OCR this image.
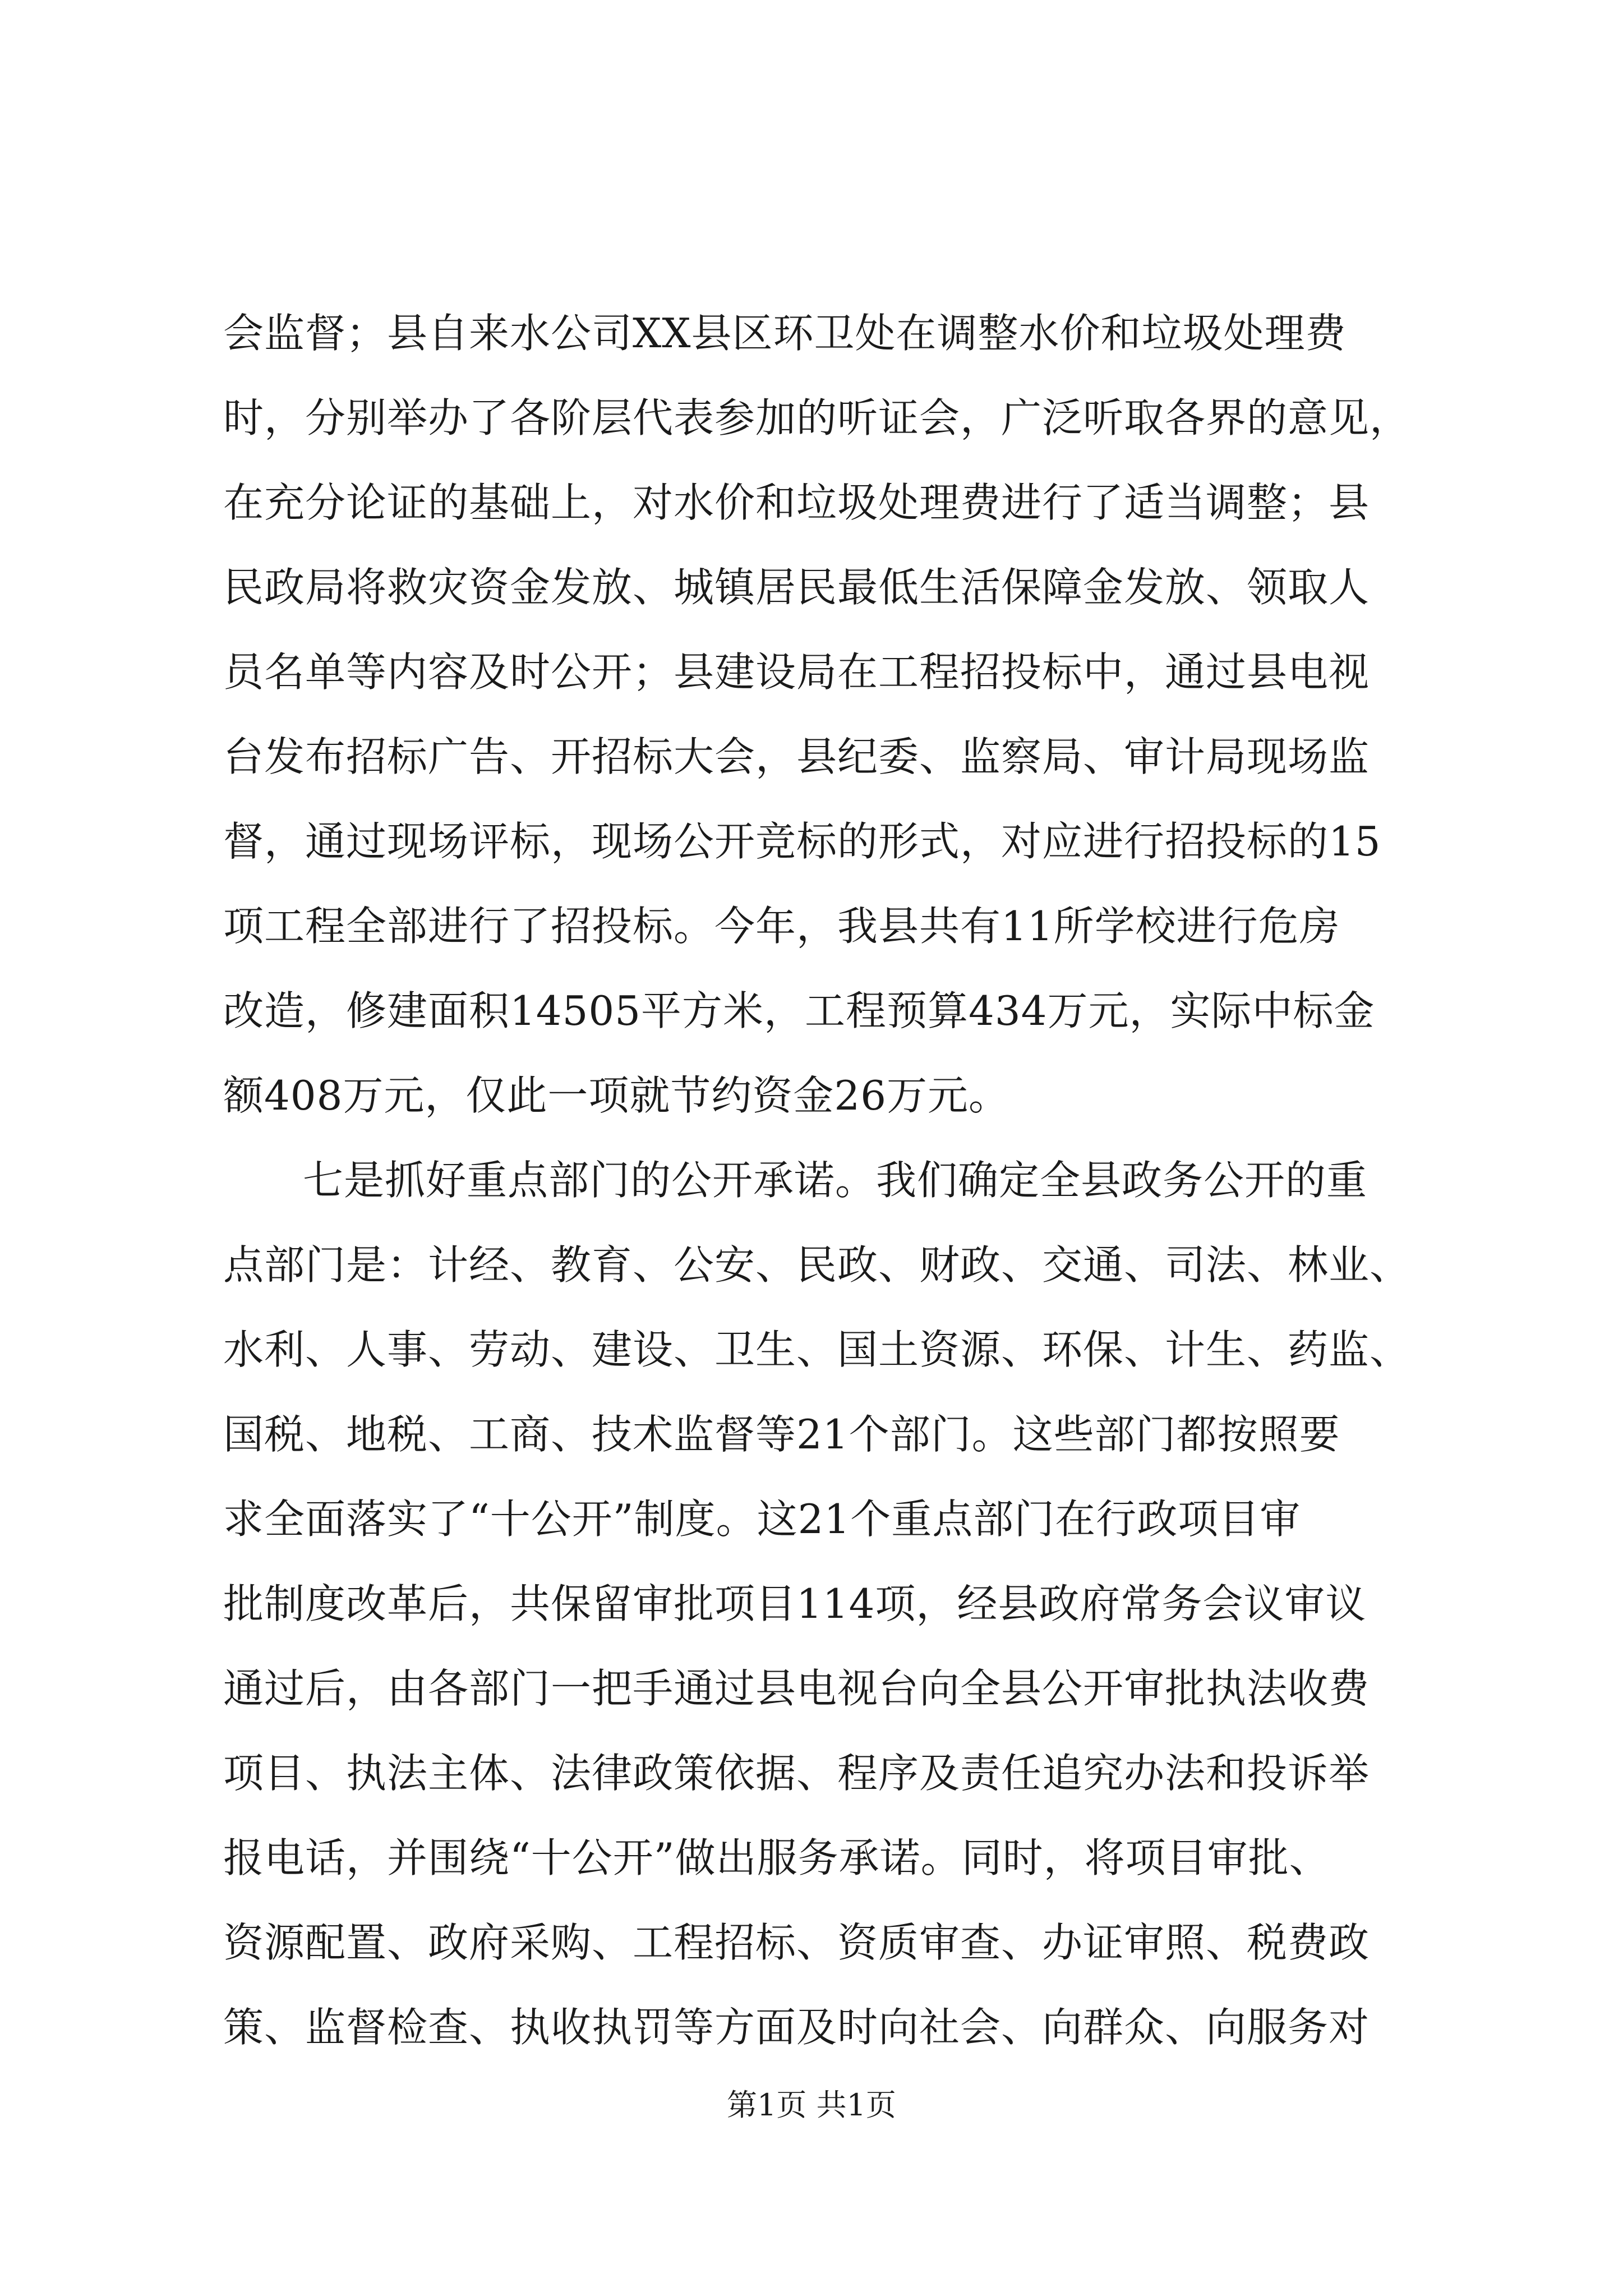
会监督；县自来水公司XX县区环卫处在调整水价和垃圾处理费
时，分别举办了各阶层代表参加的听证会，广泛听取各界的意见，
在充分论证的基础上，对水价和垃圾处理费进行了适当调整；县
民政局将救灾资金发放、城镇居民最低生活保障金发放、领取人
员名单等内容及时公开；县建设局在工程招投标中，通过县电视
台发布招标广告、开招标大会，县纪委、监察局、审计局现场监
督，通过现场评标，现场公开竞标的形式，对应进行招投标的15
项工程全部进行了招投标。今年，我县共有11所学校进行危房
改造，修建面积14505平方米，工程预算434万元，实际中标金
额408万元，仅此一项就节约资金26万元。
七是抓好重点部门的公开承诺。我们确定全县政务公开的重
点部门是：计经、教育、公安、民政、财政、交通、司法、林业、
水利、人事、劳动、建设、卫生、国土资源、环保、计生、药监、
国税、地税、工商、技术监督等21个部门。这些部门都按照要
求全面落实了“十公开”制度。这21个重点部门在行政项目审
批制度改革后，共保留审批项目114项，经县政府常务会议审议
通过后，由各部门一把手通过县电视台向全县公开审批执法收费
项目、执法主体、法律政策依据、程序及责任追究办法和投诉举
报电话，并围绕“十公开”做出服务承诺。同时，将项目审批、
资源配置、政府采购、工程招标、资质审查、办证审照、税费政
策、监督检查、执收执罚等方面及时向社会、向群众、向服务对
第1页 共1页
